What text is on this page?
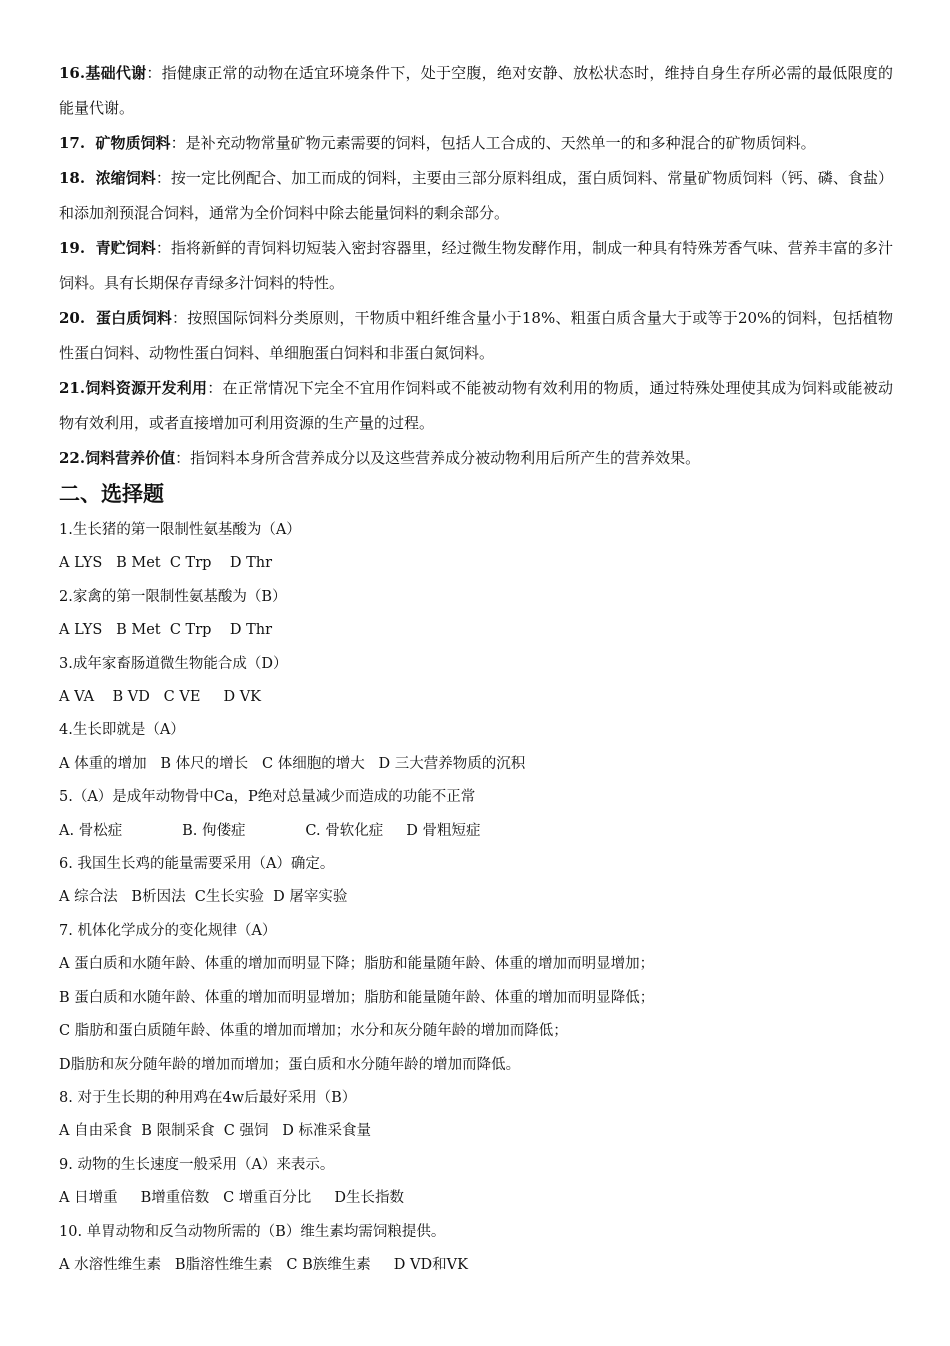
16.基础代谢：指健康正常的动物在适宜环境条件下，处于空腹，绝对安静、放松状态时，维持自身生存所必需的最低限度的能量代谢。

17.  矿物质饲料：是补充动物常量矿物元素需要的饲料，包括人工合成的、天然单一的和多种混合的矿物质饲料。

18.  浓缩饲料：按一定比例配合、加工而成的饲料，主要由三部分原料组成，蛋白质饲料、常量矿物质饲料（钙、磷、食盐）和添加剂预混合饲料，通常为全价饲料中除去能量饲料的剩余部分。

19.  青贮饲料：指将新鲜的青饲料切短装入密封容器里，经过微生物发酵作用，制成一种具有特殊芳香气味、营养丰富的多汁饲料。具有长期保存青绿多汁饲料的特性。

20.  蛋白质饲料：按照国际饲料分类原则，干物质中粗纤维含量小于18%、粗蛋白质含量大于或等于20%的饲料，包括植物性蛋白饲料、动物性蛋白饲料、单细胞蛋白饲料和非蛋白氮饲料。

21.饲料资源开发利用：在正常情况下完全不宜用作饲料或不能被动物有效利用的物质，通过特殊处理使其成为饲料或能被动物有效利用，或者直接增加可利用资源的生产量的过程。

22.饲料营养价值：指饲料本身所含营养成分以及这些营养成分被动物利用后所产生的营养效果。

二、选择题

1.生长猪的第一限制性氨基酸为（A）

A LYS   B Met  C Trp    D Thr

2.家禽的第一限制性氨基酸为（B）

A LYS   B Met  C Trp    D Thr

3.成年家畜肠道微生物能合成（D）

A VA    B VD   C VE     D VK

4.生长即就是（A）

A 体重的增加   B 体尺的增长   C 体细胞的增大   D 三大营养物质的沉积

5.（A）是成年动物骨中Ca，P绝对总量减少而造成的功能不正常

A. 骨松症             B. 佝偻症             C. 骨软化症     D 骨粗短症

6. 我国生长鸡的能量需要采用（A）确定。

A 综合法   B析因法  C生长实验  D 屠宰实验

7. 机体化学成分的变化规律（A）

A 蛋白质和水随年龄、体重的增加而明显下降；脂肪和能量随年龄、体重的增加而明显增加；

B 蛋白质和水随年龄、体重的增加而明显增加；脂肪和能量随年龄、体重的增加而明显降低；

C 脂肪和蛋白质随年龄、体重的增加而增加；水分和灰分随年龄的增加而降低；

D脂肪和灰分随年龄的增加而增加；蛋白质和水分随年龄的增加而降低。

8. 对于生长期的种用鸡在4w后最好采用（B）

A 自由采食  B 限制采食  C 强饲   D 标准采食量

9. 动物的生长速度一般采用（A）来表示。

A 日增重     B增重倍数   C 增重百分比     D生长指数

10. 单胃动物和反刍动物所需的（B）维生素均需饲粮提供。

A 水溶性维生素   B脂溶性维生素   C B族维生素     D VD和VK
